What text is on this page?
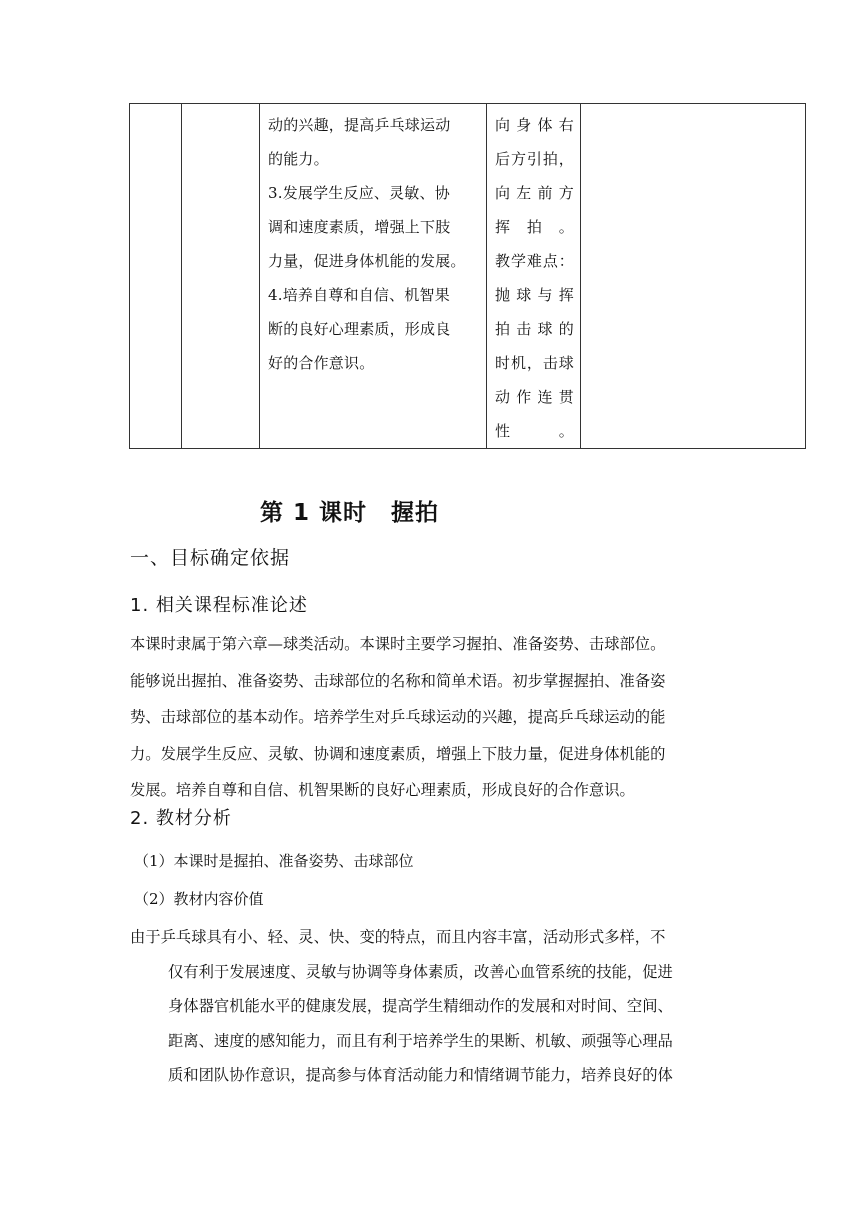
动的兴趣，提高乒乓球运动
的能力。
3.发展学生反应、灵敏、协
调和速度素质，增强上下肢
力量，促进身体机能的发展。
4.培养自尊和自信、机智果
断的良好心理素质，形成良
好的合作意识。

向身体右
后方引拍，
向左前方
挥拍。
教学难点：
抛球与挥
拍击球的
时机，击球
动作连贯
性。

第 1 课时　握拍
一、目标确定依据
1. 相关课程标准论述
本课时隶属于第六章—球类活动。本课时主要学习握拍、准备姿势、击球部位。
能够说出握拍、准备姿势、击球部位的名称和简单术语。初步掌握握拍、准备姿
势、击球部位的基本动作。培养学生对乒乓球运动的兴趣，提高乒乓球运动的能
力。发展学生反应、灵敏、协调和速度素质，增强上下肢力量，促进身体机能的
发展。培养自尊和自信、机智果断的良好心理素质，形成良好的合作意识。
2. 教材分析
（1）本课时是握拍、准备姿势、击球部位
（2）教材内容价值
由于乒乓球具有小、轻、灵、快、变的特点，而且内容丰富，活动形式多样，不
仅有利于发展速度、灵敏与协调等身体素质，改善心血管系统的技能，促进
身体器官机能水平的健康发展，提高学生精细动作的发展和对时间、空间、
距离、速度的感知能力，而且有利于培养学生的果断、机敏、顽强等心理品
质和团队协作意识，提高参与体育活动能力和情绪调节能力，培养良好的体
